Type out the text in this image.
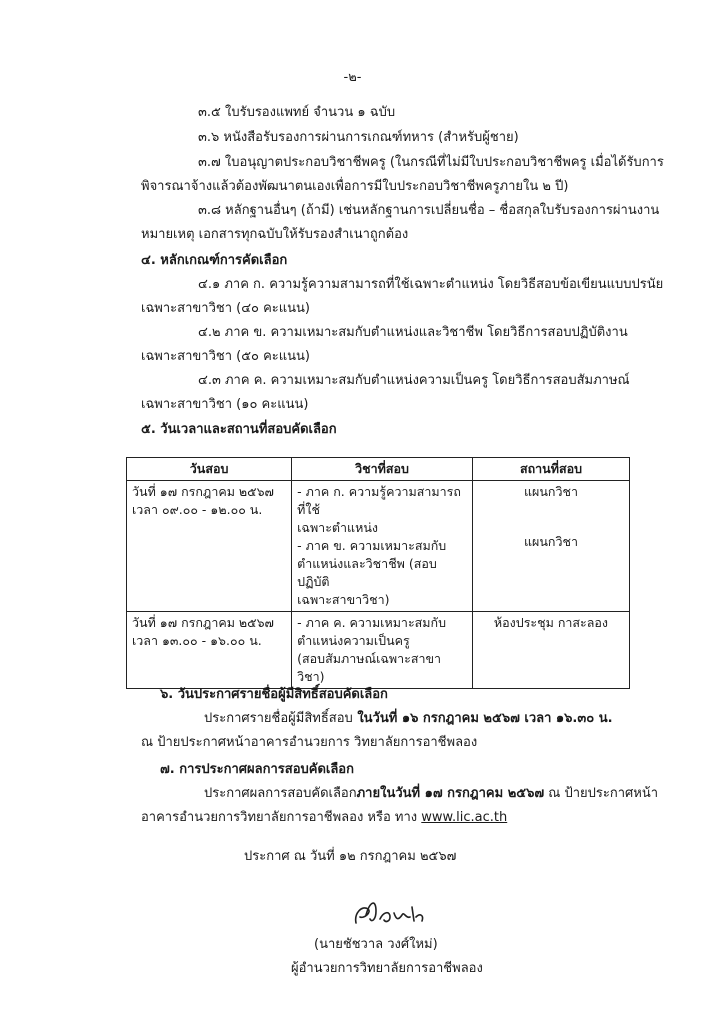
-๒-
๓.๕ ใบรับรองแพทย์ จำนวน ๑ ฉบับ
๓.๖ หนังสือรับรองการผ่านการเกณฑ์ทหาร (สำหรับผู้ชาย)
๓.๗ ใบอนุญาตประกอบวิชาชีพครู (ในกรณีที่ไม่มีใบประกอบวิชาชีพครู เมื่อได้รับการ
พิจารณาจ้างแล้วต้องพัฒนาตนเองเพื่อการมีใบประกอบวิชาชีพครูภายใน ๒ ปี)
๓.๘ หลักฐานอื่นๆ (ถ้ามี) เช่นหลักฐานการเปลี่ยนชื่อ – ชื่อสกุลใบรับรองการผ่านงาน
หมายเหตุ เอกสารทุกฉบับให้รับรองสำเนาถูกต้อง
๔. หลักเกณฑ์การคัดเลือก
๔.๑ ภาค ก. ความรู้ความสามารถที่ใช้เฉพาะตำแหน่ง โดยวิธีสอบข้อเขียนแบบปรนัย
เฉพาะสาขาวิชา (๔๐ คะแนน)
๔.๒ ภาค ข. ความเหมาะสมกับตำแหน่งและวิชาชีพ โดยวิธีการสอบปฏิบัติงาน
เฉพาะสาขาวิชา (๕๐ คะแนน)
๔.๓ ภาค ค. ความเหมาะสมกับตำแหน่งความเป็นครู โดยวิธีการสอบสัมภาษณ์
เฉพาะสาขาวิชา (๑๐ คะแนน)
๕. วันเวลาและสถานที่สอบคัดเลือก
วันสอบ	วิชาที่สอบ	สถานที่สอบ

วันที่ ๑๗ กรกฎาคม ๒๕๖๗
เวลา ๐๙.๐๐ - ๑๒.๐๐ น.	- ภาค ก. ความรู้ความสามารถที่ใช้
เฉพาะตำแหน่ง
- ภาค ข. ความเหมาะสมกับ
ตำแหน่งและวิชาชีพ (สอบปฏิบัติ
เฉพาะสาขาวิชา)	แผนกวิชา
แผนกวิชา

วันที่ ๑๗ กรกฎาคม ๒๕๖๗
เวลา ๑๓.๐๐ - ๑๖.๐๐ น.	- ภาค ค. ความเหมาะสมกับ
ตำแหน่งความเป็นครู
(สอบสัมภาษณ์เฉพาะสาขาวิชา)	ห้องประชุม กาสะลอง
๖. วันประกาศรายชื่อผู้มีสิทธิ์สอบคัดเลือก
ประกาศรายชื่อผู้มีสิทธิ์สอบ ในวันที่ ๑๖ กรกฎาคม ๒๕๖๗ เวลา ๑๖.๓๐ น.
ณ ป้ายประกาศหน้าอาคารอำนวยการ วิทยาลัยการอาชีพลอง
๗. การประกาศผลการสอบคัดเลือก
ประกาศผลการสอบคัดเลือกภายในวันที่ ๑๗ กรกฎาคม ๒๕๖๗ ณ ป้ายประกาศหน้า
อาคารอำนวยการวิทยาลัยการอาชีพลอง หรือ ทาง www.lic.ac.th
ประกาศ ณ วันที่ ๑๒ กรกฎาคม ๒๕๖๗
(นายชัชวาล วงศ์ใหม่)
ผู้อำนวยการวิทยาลัยการอาชีพลอง
